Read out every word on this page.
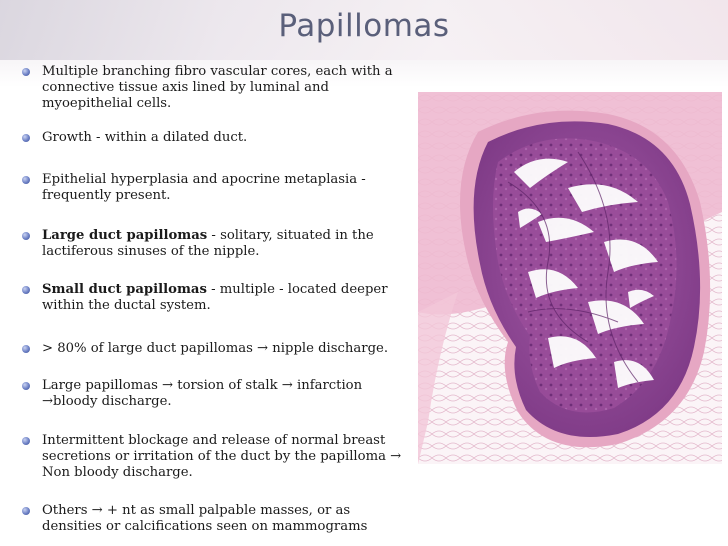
Papillomas
Multiple branching fibro vascular cores, each with a connective tissue axis lined by luminal and myoepithelial cells.
Growth - within a dilated duct.
Epithelial hyperplasia and apocrine metaplasia - frequently present.
Large duct papillomas - solitary, situated in the lactiferous sinuses of the nipple.
Small duct papillomas - multiple - located deeper within the ductal system.
> 80% of large duct papillomas → nipple discharge.
Large papillomas → torsion of stalk → infarction →bloody discharge.
Intermittent blockage and release of normal breast secretions or irritation of the duct by the papilloma → Non bloody discharge.
Others → + nt as small palpable masses, or as densities or calcifications seen on mammograms
